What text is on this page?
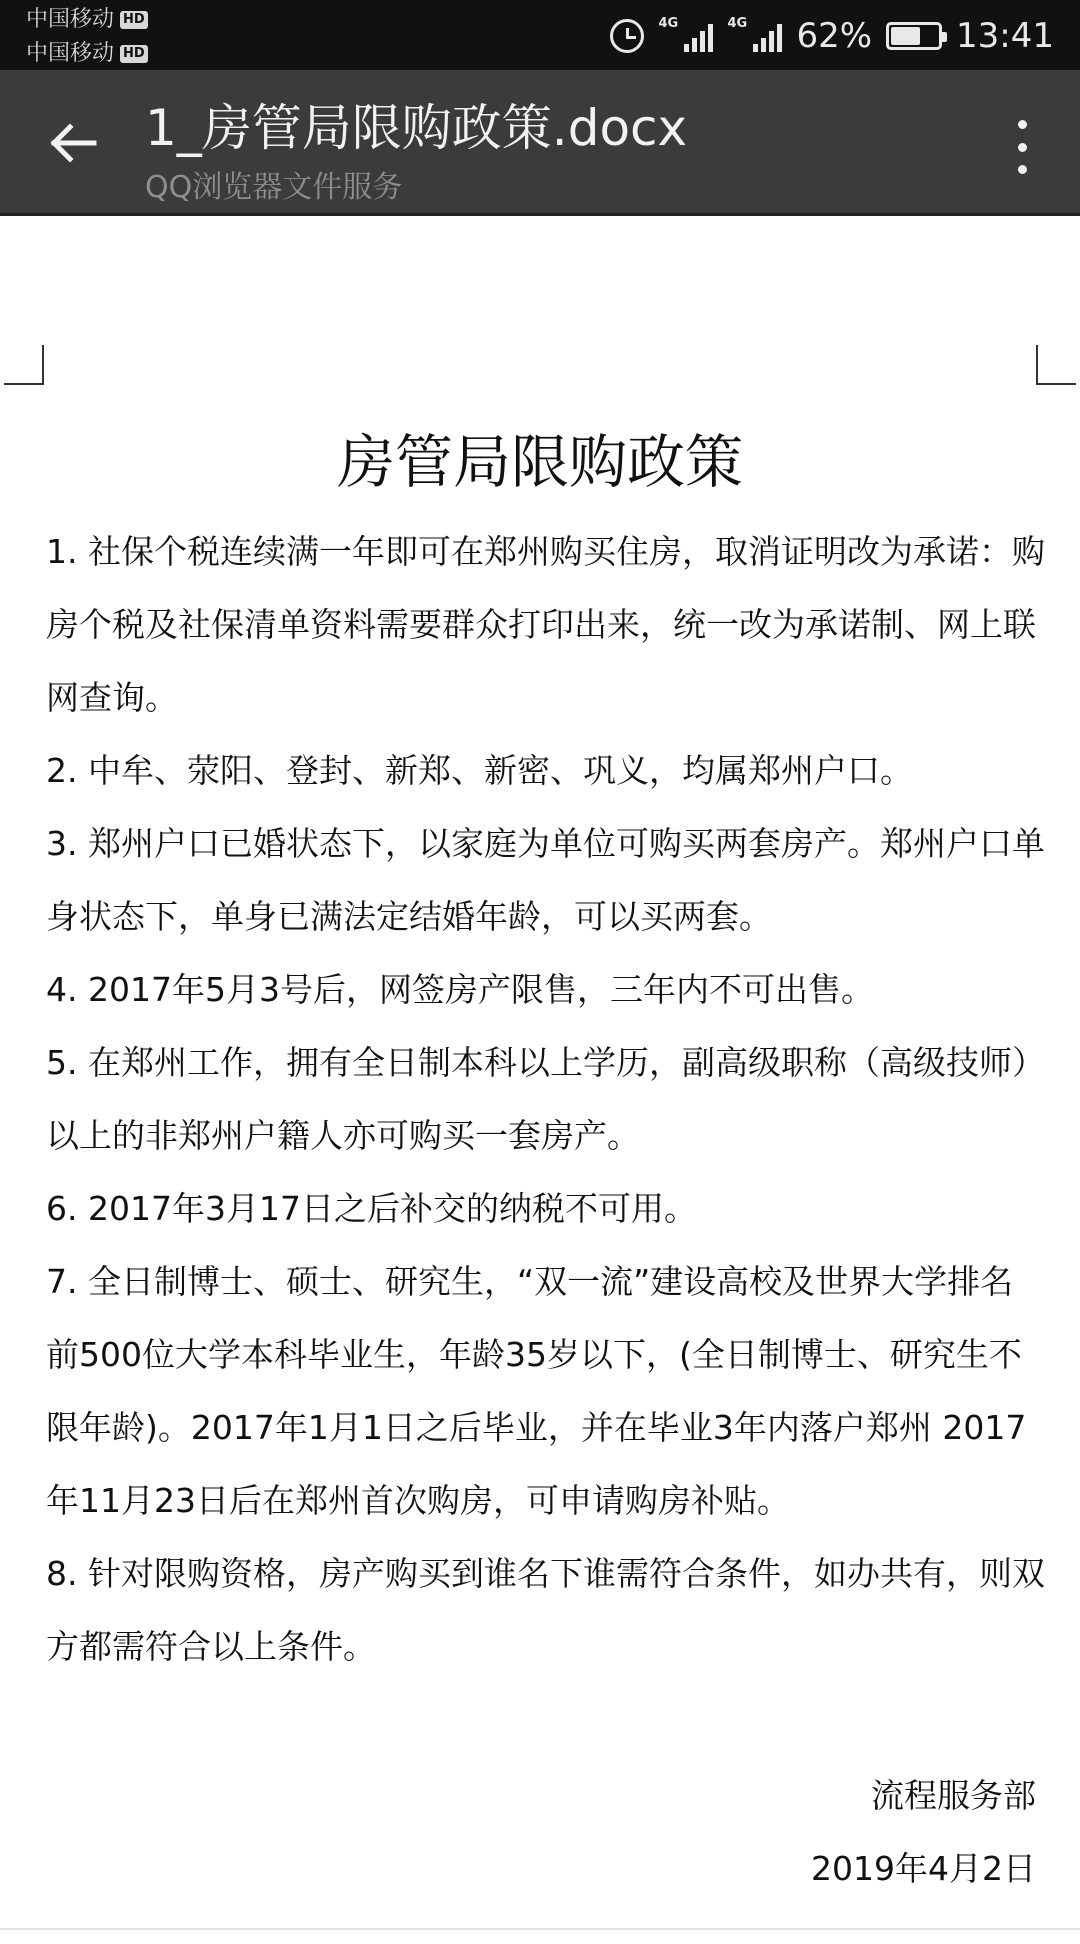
中国移动 HD
中国移动 HD
4G	4G 62% 13:41
1_房管局限购政策.docx
QQ浏览器文件服务
房管局限购政策

1. 社保个税连续满一年即可在郑州购买住房，取消证明改为承诺：购房个税及社保清单资料需要群众打印出来，统一改为承诺制、网上联网查询。

2. 中牟、荥阳、登封、新郑、新密、巩义，均属郑州户口。

3. 郑州户口已婚状态下，以家庭为单位可购买两套房产。郑州户口单身状态下，单身已满法定结婚年龄，可以买两套。

4. 2017年5月3号后，网签房产限售，三年内不可出售。

5. 在郑州工作，拥有全日制本科以上学历，副高级职称（高级技师）以上的非郑州户籍人亦可购买一套房产。

6. 2017年3月17日之后补交的纳税不可用。

7. 全日制博士、硕士、研究生，“双一流”建设高校及世界大学排名前500位大学本科毕业生，年龄35岁以下，(全日制博士、研究生不限年龄)。2017年1月1日之后毕业，并在毕业3年内落户郑州 2017年11月23日后在郑州首次购房，可申请购房补贴。

8. 针对限购资格，房产购买到谁名下谁需符合条件，如办共有，则双方都需符合以上条件。

流程服务部
2019年4月2日
